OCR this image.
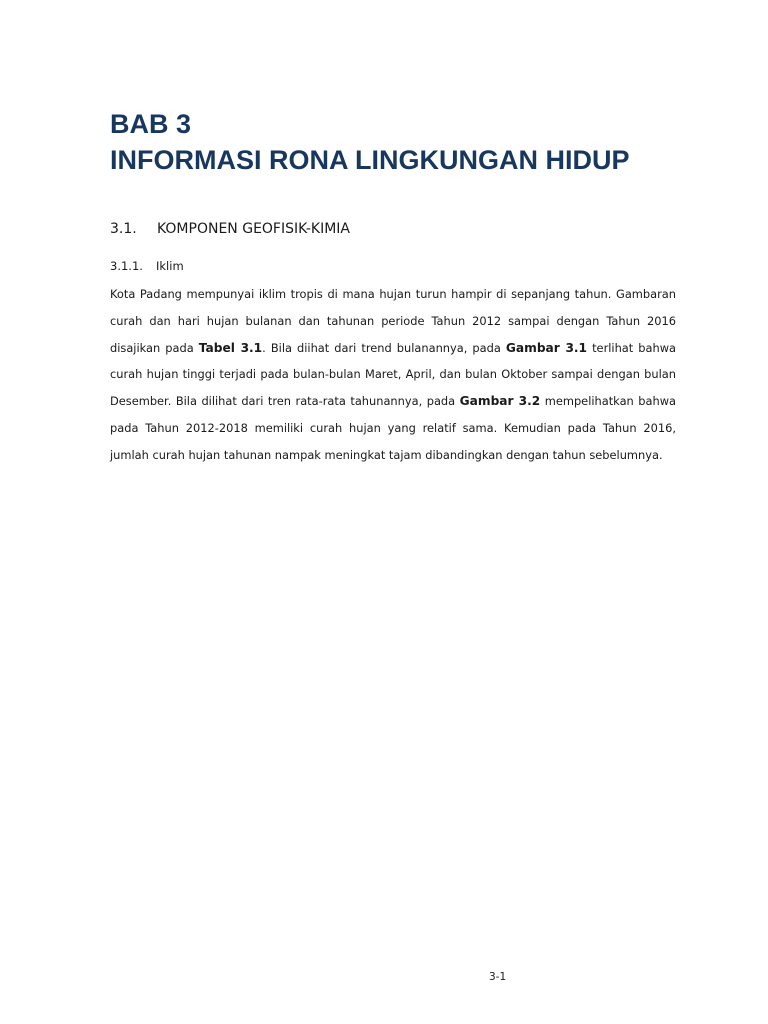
BAB 3
INFORMASI RONA LINGKUNGAN HIDUP
3.1. KOMPONEN GEOFISIK-KIMIA
3.1.1. Iklim

Kota Padang mempunyai iklim tropis di mana hujan turun hampir di sepanjang tahun. Gambaran curah dan hari hujan bulanan dan tahunan periode Tahun 2012 sampai dengan Tahun 2016 disajikan pada Tabel 3.1. Bila diihat dari trend bulanannya, pada Gambar 3.1 terlihat bahwa curah hujan tinggi terjadi pada bulan-bulan Maret, April, dan bulan Oktober sampai dengan bulan Desember. Bila dilihat dari tren rata-rata tahunannya, pada Gambar 3.2 mempelihatkan bahwa pada Tahun 2012-2018 memiliki curah hujan yang relatif sama. Kemudian pada Tahun 2016, jumlah curah hujan tahunan nampak meningkat tajam dibandingkan dengan tahun sebelumnya.

3-1
